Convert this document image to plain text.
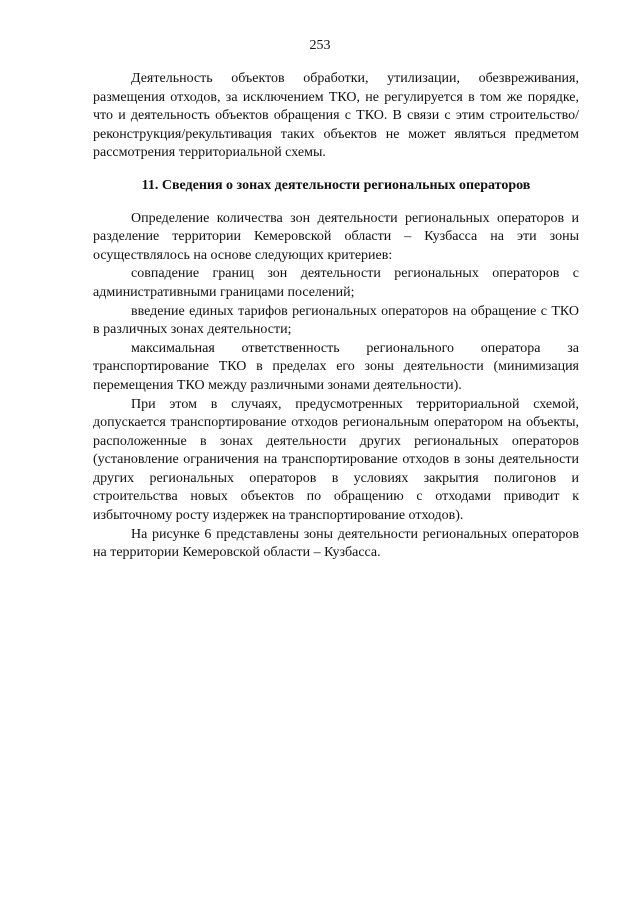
253

Деятельность объектов обработки, утилизации, обезвреживания, размещения отходов, за исключением ТКО, не регулируется в том же порядке, что и деятельность объектов обращения с ТКО. В связи с этим строительство/реконструкция/рекультивация таких объектов не может являться предметом рассмотрения территориальной схемы.

11. Сведения о зонах деятельности региональных операторов

Определение количества зон деятельности региональных операторов и разделение территории Кемеровской области – Кузбасса на эти зоны осуществлялось на основе следующих критериев:

совпадение границ зон деятельности региональных операторов с административными границами поселений;

введение единых тарифов региональных операторов на обращение с ТКО в различных зонах деятельности;

максимальная ответственность регионального оператора за транспортирование ТКО в пределах его зоны деятельности (минимизация перемещения ТКО между различными зонами деятельности).

При этом в случаях, предусмотренных территориальной схемой, допускается транспортирование отходов региональным оператором на объекты, расположенные в зонах деятельности других региональных операторов (установление ограничения на транспортирование отходов в зоны деятельности других региональных операторов в условиях закрытия полигонов и строительства новых объектов по обращению с отходами приводит к избыточному росту издержек на транспортирование отходов).

На рисунке 6 представлены зоны деятельности региональных операторов на территории Кемеровской области – Кузбасса.
